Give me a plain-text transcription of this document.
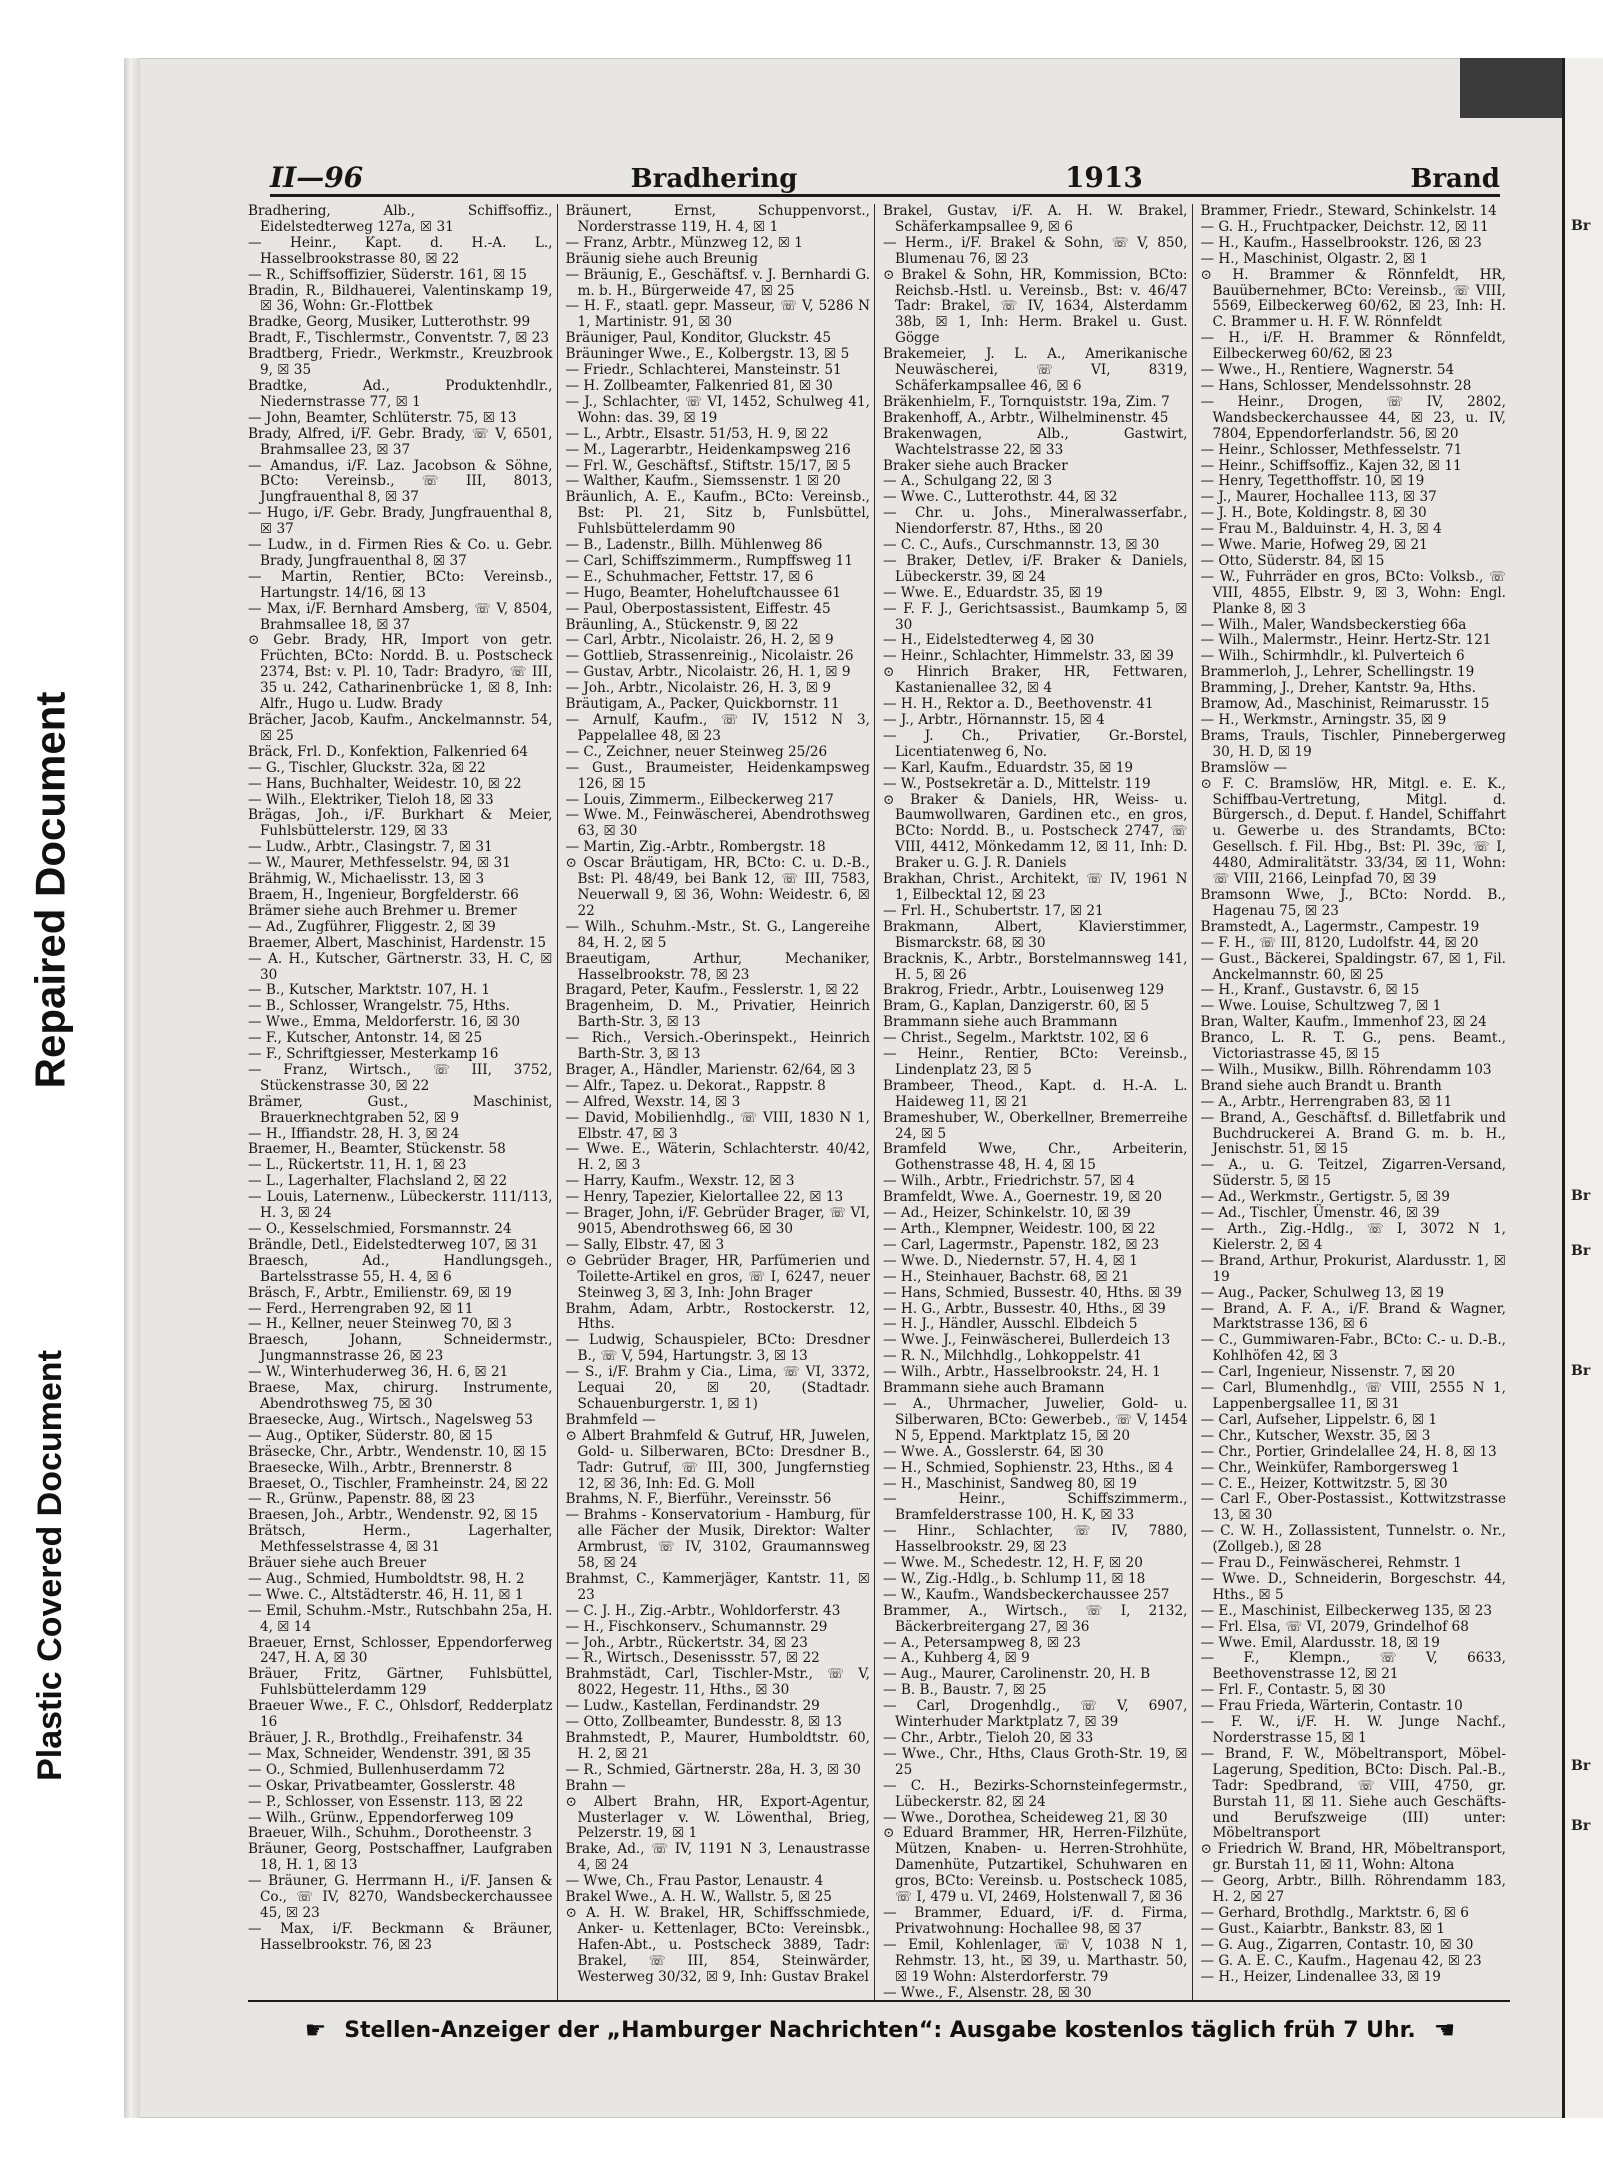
Repaired Document
Plastic Covered Document
Br
Br
Br
Br
Br
Br
II—96	Bradhering	1913	Brand

Bradhering, Alb., Schiffsoffiz., Eidelstedterweg 127a, ☒ 31

— Heinr., Kapt. d. H.-A. L., Hasselbrookstrasse 80, ☒ 22

— R., Schiffsoffizier, Süderstr. 161, ☒ 15

Bradin, R., Bildhauerei, Valentinskamp 19, ☒ 36, Wohn: Gr.-Flottbek

Bradke, Georg, Musiker, Lutterothstr. 99

Bradt, F., Tischlermstr., Conventstr. 7, ☒ 23

Bradtberg, Friedr., Werkmstr., Kreuzbrook 9, ☒ 35

Bradtke, Ad., Produktenhdlr., Niedernstrasse 77, ☒ 1

— John, Beamter, Schlüterstr. 75, ☒ 13

Brady, Alfred, i/F. Gebr. Brady, ☏ V, 6501, Brahmsallee 23, ☒ 37

— Amandus, i/F. Laz. Jacobson & Söhne, BCto: Vereinsb., ☏ III, 8013, Jungfrauenthal 8, ☒ 37

— Hugo, i/F. Gebr. Brady, Jungfrauenthal 8, ☒ 37

— Ludw., in d. Firmen Ries & Co. u. Gebr. Brady, Jungfrauenthal 8, ☒ 37

— Martin, Rentier, BCto: Vereinsb., Hartungstr. 14/16, ☒ 13

— Max, i/F. Bernhard Amsberg, ☏ V, 8504, Brahmsallee 18, ☒ 37

⊙ Gebr. Brady, HR, Import von getr. Früchten, BCto: Nordd. B. u. Postscheck 2374, Bst: v. Pl. 10, Tadr: Bradyro, ☏ III, 35 u. 242, Catharinenbrücke 1, ☒ 8, Inh: Alfr., Hugo u. Ludw. Brady

Brächer, Jacob, Kaufm., Anckelmannstr. 54, ☒ 25

Bräck, Frl. D., Konfektion, Falkenried 64

— G., Tischler, Gluckstr. 32a, ☒ 22

— Hans, Buchhalter, Weidestr. 10, ☒ 22

— Wilh., Elektriker, Tieloh 18, ☒ 33

Brägas, Joh., i/F. Burkhart & Meier, Fuhlsbüttelerstr. 129, ☒ 33

— Ludw., Arbtr., Clasingstr. 7, ☒ 31

— W., Maurer, Methfesselstr. 94, ☒ 31

Brähmig, W., Michaelisstr. 13, ☒ 3

Braem, H., Ingenieur, Borgfelderstr. 66

Brämer siehe auch Brehmer u. Bremer

— Ad., Zugführer, Fliggestr. 2, ☒ 39

Braemer, Albert, Maschinist, Hardenstr. 15

— A. H., Kutscher, Gärtnerstr. 33, H. C, ☒ 30

— B., Kutscher, Marktstr. 107, H. 1

— B., Schlosser, Wrangelstr. 75, Hths.

— Wwe., Emma, Meldorferstr. 16, ☒ 30

— F., Kutscher, Antonstr. 14, ☒ 25

— F., Schriftgiesser, Mesterkamp 16

— Franz, Wirtsch., ☏ III, 3752, Stückenstrasse 30, ☒ 22

Brämer, Gust., Maschinist, Brauerknechtgraben 52, ☒ 9

— H., Iffiandstr. 28, H. 3, ☒ 24

Braemer, H., Beamter, Stückenstr. 58

— L., Rückertstr. 11, H. 1, ☒ 23

— L., Lagerhalter, Flachsland 2, ☒ 22

— Louis, Laternenw., Lübeckerstr. 111/113, H. 3, ☒ 24

— O., Kesselschmied, Forsmannstr. 24

Brändle, Detl., Eidelstedterweg 107, ☒ 31

Braesch, Ad., Handlungsgeh., Bartelsstrasse 55, H. 4, ☒ 6

Bräsch, F., Arbtr., Emilienstr. 69, ☒ 19

— Ferd., Herrengraben 92, ☒ 11

— H., Kellner, neuer Steinweg 70, ☒ 3

Braesch, Johann, Schneidermstr., Jungmannstrasse 26, ☒ 23

— W., Winterhuderweg 36, H. 6, ☒ 21

Braese, Max, chirurg. Instrumente, Abendrothsweg 75, ☒ 30

Braesecke, Aug., Wirtsch., Nagelsweg 53

— Aug., Optiker, Süderstr. 80, ☒ 15

Bräsecke, Chr., Arbtr., Wendenstr. 10, ☒ 15

Braesecke, Wilh., Arbtr., Brennerstr. 8

Braeset, O., Tischler, Framheinstr. 24, ☒ 22

— R., Grünw., Papenstr. 88, ☒ 23

Braesen, Joh., Arbtr., Wendenstr. 92, ☒ 15

Brätsch, Herm., Lagerhalter, Methfesselstrasse 4, ☒ 31

Bräuer siehe auch Breuer

— Aug., Schmied, Humboldtstr. 98, H. 2

— Wwe. C., Altstädterstr. 46, H. 11, ☒ 1

— Emil, Schuhm.-Mstr., Rutschbahn 25a, H. 4, ☒ 14

Braeuer, Ernst, Schlosser, Eppendorferweg 247, H. A, ☒ 30

Bräuer, Fritz, Gärtner, Fuhlsbüttel, Fuhlsbüttelerdamm 129

Braeuer Wwe., F. C., Ohlsdorf, Redderplatz 16

Bräuer, J. R., Brothdlg., Freihafenstr. 34

— Max, Schneider, Wendenstr. 391, ☒ 35

— O., Schmied, Bullenhuserdamm 72

— Oskar, Privatbeamter, Gosslerstr. 48

— P., Schlosser, von Essenstr. 113, ☒ 22

— Wilh., Grünw., Eppendorferweg 109

Braeuer, Wilh., Schuhm., Dorotheenstr. 3

Bräuner, Georg, Postschaffner, Laufgraben 18, H. 1, ☒ 13

— Bräuner, G. Herrmann H., i/F. Jansen & Co., ☏ IV, 8270, Wandsbeckerchaussee 45, ☒ 23

— Max, i/F. Beckmann & Bräuner, Hasselbrookstr. 76, ☒ 23

Bräunert, Ernst, Schuppenvorst., Norderstrasse 119, H. 4, ☒ 1

— Franz, Arbtr., Münzweg 12, ☒ 1

Bräunig siehe auch Breunig

— Bräunig, E., Geschäftsf. v. J. Bernhardi G. m. b. H., Bürgerweide 47, ☒ 25

— H. F., staatl. gepr. Masseur, ☏ V, 5286 N 1, Martinistr. 91, ☒ 30

Bräuniger, Paul, Konditor, Gluckstr. 45

Bräuninger Wwe., E., Kolbergstr. 13, ☒ 5

— Friedr., Schlachterei, Mansteinstr. 51

— H. Zollbeamter, Falkenried 81, ☒ 30

— J., Schlachter, ☏ VI, 1452, Schulweg 41, Wohn: das. 39, ☒ 19

— L., Arbtr., Elsastr. 51/53, H. 9, ☒ 22

— M., Lagerarbtr., Heidenkampsweg 216

— Frl. W., Geschäftsf., Stiftstr. 15/17, ☒ 5

— Walther, Kaufm., Siemssenstr. 1 ☒ 20

Bräunlich, A. E., Kaufm., BCto: Vereinsb., Bst: Pl. 21, Sitz b, Funlsbüttel, Fuhlsbüttelerdamm 90

— B., Ladenstr., Billh. Mühlenweg 86

— Carl, Schiffszimmerm., Rumpffsweg 11

— E., Schuhmacher, Fettstr. 17, ☒ 6

— Hugo, Beamter, Hoheluftchaussee 61

— Paul, Oberpostassistent, Eiffestr. 45

Bräunling, A., Stückenstr. 9, ☒ 22

— Carl, Arbtr., Nicolaistr. 26, H. 2, ☒ 9

— Gottlieb, Strassenreinig., Nicolaistr. 26

— Gustav, Arbtr., Nicolaistr. 26, H. 1, ☒ 9

— Joh., Arbtr., Nicolaistr. 26, H. 3, ☒ 9

Bräutigam, A., Packer, Quickbornstr. 11

— Arnulf, Kaufm., ☏ IV, 1512 N 3, Pappelallee 48, ☒ 23

— C., Zeichner, neuer Steinweg 25/26

— Gust., Braumeister, Heidenkampsweg 126, ☒ 15

— Louis, Zimmerm., Eilbeckerweg 217

— Wwe. M., Feinwäscherei, Abendrothsweg 63, ☒ 30

— Martin, Zig.-Arbtr., Rombergstr. 18

⊙ Oscar Bräutigam, HR, BCto: C. u. D.-B., Bst: Pl. 48/49, bei Bank 12, ☏ III, 7583, Neuerwall 9, ☒ 36, Wohn: Weidestr. 6, ☒ 22

— Wilh., Schuhm.-Mstr., St. G., Langereihe 84, H. 2, ☒ 5

Braeutigam, Arthur, Mechaniker, Hasselbrookstr. 78, ☒ 23

Bragard, Peter, Kaufm., Fesslerstr. 1, ☒ 22

Bragenheim, D. M., Privatier, Heinrich Barth-Str. 3, ☒ 13

— Rich., Versich.-Oberinspekt., Heinrich Barth-Str. 3, ☒ 13

Brager, A., Händler, Marienstr. 62/64, ☒ 3

— Alfr., Tapez. u. Dekorat., Rappstr. 8

— Alfred, Wexstr. 14, ☒ 3

— David, Mobilienhdlg., ☏ VIII, 1830 N 1, Elbstr. 47, ☒ 3

— Wwe. E., Wäterin, Schlachterstr. 40/42, H. 2, ☒ 3

— Harry, Kaufm., Wexstr. 12, ☒ 3

— Henry, Tapezier, Kielortallee 22, ☒ 13

— Brager, John, i/F. Gebrüder Brager, ☏ VI, 9015, Abendrothsweg 66, ☒ 30

— Sally, Elbstr. 47, ☒ 3

⊙ Gebrüder Brager, HR, Parfümerien und Toilette-Artikel en gros, ☏ I, 6247, neuer Steinweg 3, ☒ 3, Inh: John Brager

Brahm, Adam, Arbtr., Rostockerstr. 12, Hths.

— Ludwig, Schauspieler, BCto: Dresdner B., ☏ V, 594, Hartungstr. 3, ☒ 13

— S., i/F. Brahm y Cia., Lima, ☏ VI, 3372, Lequai 20, ☒ 20, (Stadtadr. Schauenburgerstr. 1, ☒ 1)

Brahmfeld —

⊙ Albert Brahmfeld & Gutruf, HR, Juwelen, Gold- u. Silberwaren, BCto: Dresdner B., Tadr: Gutruf, ☏ III, 300, Jungfernstieg 12, ☒ 36, Inh: Ed. G. Moll

Brahms, N. F., Bierführ., Vereinsstr. 56

— Brahms - Konservatorium - Hamburg, für alle Fächer der Musik, Direktor: Walter Armbrust, ☏ IV, 3102, Graumannsweg 58, ☒ 24

Brahmst, C., Kammerjäger, Kantstr. 11, ☒ 23

— C. J. H., Zig.-Arbtr., Wohldorferstr. 43

— H., Fischkonserv., Schumannstr. 29

— Joh., Arbtr., Rückertstr. 34, ☒ 23

— R., Wirtsch., Desenissstr. 57, ☒ 22

Brahmstädt, Carl, Tischler-Mstr., ☏ V, 8022, Hegestr. 11, Hths., ☒ 30

— Ludw., Kastellan, Ferdinandstr. 29

— Otto, Zollbeamter, Bundesstr. 8, ☒ 13

Brahmstedt, P., Maurer, Humboldtstr. 60, H. 2, ☒ 21

— R., Schmied, Gärtnerstr. 28a, H. 3, ☒ 30

Brahn —

⊙ Albert Brahn, HR, Export-Agentur, Musterlager v. W. Löwenthal, Brieg, Pelzerstr. 19, ☒ 1

Brake, Ad., ☏ IV, 1191 N 3, Lenaustrasse 4, ☒ 24

— Wwe, Ch., Frau Pastor, Lenaustr. 4

Brakel Wwe., A. H. W., Wallstr. 5, ☒ 25

⊙ A. H. W. Brakel, HR, Schiffsschmiede, Anker- u. Kettenlager, BCto: Vereinsbk., Hafen-Abt., u. Postscheck 3889, Tadr: Brakel, ☏ III, 854, Steinwärder, Westerweg 30/32, ☒ 9, Inh: Gustav Brakel

Brakel, Gustav, i/F. A. H. W. Brakel, Schäferkampsallee 9, ☒ 6

— Herm., i/F. Brakel & Sohn, ☏ V, 850, Blumenau 76, ☒ 23

⊙ Brakel & Sohn, HR, Kommission, BCto: Reichsb.-Hstl. u. Vereinsb., Bst: v. 46/47 Tadr: Brakel, ☏ IV, 1634, Alsterdamm 38b, ☒ 1, Inh: Herm. Brakel u. Gust. Gögge

Brakemeier, J. L. A., Amerikanische Neuwäscherei, ☏ VI, 8319, Schäferkampsallee 46, ☒ 6

Bräkenhielm, F., Tornquiststr. 19a, Zim. 7

Brakenhoff, A., Arbtr., Wilhelminenstr. 45

Brakenwagen, Alb., Gastwirt, Wachtelstrasse 22, ☒ 33

Braker siehe auch Bracker

— A., Schulgang 22, ☒ 3

— Wwe. C., Lutterothstr. 44, ☒ 32

— Chr. u. Johs., Mineralwasserfabr., Niendorferstr. 87, Hths., ☒ 20

— C. C., Aufs., Curschmannstr. 13, ☒ 30

— Braker, Detlev, i/F. Braker & Daniels, Lübeckerstr. 39, ☒ 24

— Wwe. E., Eduardstr. 35, ☒ 19

— F. F. J., Gerichtsassist., Baumkamp 5, ☒ 30

— H., Eidelstedterweg 4, ☒ 30

— Heinr., Schlachter, Himmelstr. 33, ☒ 39

⊙ Hinrich Braker, HR, Fettwaren, Kastanienallee 32, ☒ 4

— H. H., Rektor a. D., Beethovenstr. 41

— J., Arbtr., Hörnannstr. 15, ☒ 4

— J. Ch., Privatier, Gr.-Borstel, Licentiatenweg 6, No.

— Karl, Kaufm., Eduardstr. 35, ☒ 19

— W., Postsekretär a. D., Mittelstr. 119

⊙ Braker & Daniels, HR, Weiss- u. Baumwollwaren, Gardinen etc., en gros, BCto: Nordd. B., u. Postscheck 2747, ☏ VIII, 4412, Mönkedamm 12, ☒ 11, Inh: D. Braker u. G. J. R. Daniels

Brakhan, Christ., Architekt, ☏ IV, 1961 N 1, Eilbecktal 12, ☒ 23

— Frl. H., Schubertstr. 17, ☒ 21

Brakmann, Albert, Klavierstimmer, Bismarckstr. 68, ☒ 30

Bracknis, K., Arbtr., Borstelmannsweg 141, H. 5, ☒ 26

Brakrog, Friedr., Arbtr., Louisenweg 129

Bram, G., Kaplan, Danzigerstr. 60, ☒ 5

Brammann siehe auch Brammann

— Christ., Segelm., Marktstr. 102, ☒ 6

— Heinr., Rentier, BCto: Vereinsb., Lindenplatz 23, ☒ 5

Brambeer, Theod., Kapt. d. H.-A. L. Haideweg 11, ☒ 21

Brameshuber, W., Oberkellner, Bremerreihe 24, ☒ 5

Bramfeld Wwe, Chr., Arbeiterin, Gothenstrasse 48, H. 4, ☒ 15

— Wilh., Arbtr., Friedrichstr. 57, ☒ 4

Bramfeldt, Wwe. A., Goernestr. 19, ☒ 20

— Ad., Heizer, Schinkelstr. 10, ☒ 39

— Arth., Klempner, Weidestr. 100, ☒ 22

— Carl, Lagermstr., Papenstr. 182, ☒ 23

— Wwe. D., Niedernstr. 57, H. 4, ☒ 1

— H., Steinhauer, Bachstr. 68, ☒ 21

— Hans, Schmied, Bussestr. 40, Hths. ☒ 39

— H. G., Arbtr., Bussestr. 40, Hths., ☒ 39

— H. J., Händler, Ausschl. Elbdeich 5

— Wwe. J., Feinwäscherei, Bullerdeich 13

— R. N., Milchhdlg., Lohkoppelstr. 41

— Wilh., Arbtr., Hasselbrookstr. 24, H. 1

Brammann siehe auch Bramann

— A., Uhrmacher, Juwelier, Gold- u. Silberwaren, BCto: Gewerbeb., ☏ V, 1454 N 5, Eppend. Marktplatz 15, ☒ 20

— Wwe. A., Gosslerstr. 64, ☒ 30

— H., Schmied, Sophienstr. 23, Hths., ☒ 4

— H., Maschinist, Sandweg 80, ☒ 19

— Heinr., Schiffszimmerm., Bramfelderstrasse 100, H. K, ☒ 33

— Hinr., Schlachter, ☏ IV, 7880, Hasselbrookstr. 29, ☒ 23

— Wwe. M., Schedestr. 12, H. F, ☒ 20

— W., Zig.-Hdlg., b. Schlump 11, ☒ 18

— W., Kaufm., Wandsbeckerchaussee 257

Brammer, A., Wirtsch., ☏ I, 2132, Bäckerbreitergang 27, ☒ 36

— A., Petersampweg 8, ☒ 23

— A., Kuhberg 4, ☒ 9

— Aug., Maurer, Carolinenstr. 20, H. B

— B. B., Baustr. 7, ☒ 25

— Carl, Drogenhdlg., ☏ V, 6907, Winterhuder Marktplatz 7, ☒ 39

— Chr., Arbtr., Tieloh 20, ☒ 33

— Wwe., Chr., Hths, Claus Groth-Str. 19, ☒ 25

— C. H., Bezirks-Schornsteinfegermstr., Lübeckerstr. 82, ☒ 24

— Wwe., Dorothea, Scheideweg 21, ☒ 30

⊙ Eduard Brammer, HR, Herren-Filzhüte, Mützen, Knaben- u. Herren-Strohhüte, Damenhüte, Putzartikel, Schuhwaren en gros, BCto: Vereinsb. u. Postscheck 1085, ☏ I, 479 u. VI, 2469, Holstenwall 7, ☒ 36

— Brammer, Eduard, i/F. d. Firma, Privatwohnung: Hochallee 98, ☒ 37

— Emil, Kohlenlager, ☏ V, 1038 N 1, Rehmstr. 13, ht., ☒ 39, u. Marthastr. 50, ☒ 19 Wohn: Alsterdorferstr. 79

— Wwe., F., Alsenstr. 28, ☒ 30

Brammer, Friedr., Steward, Schinkelstr. 14

— G. H., Fruchtpacker, Deichstr. 12, ☒ 11

— H., Kaufm., Hasselbrookstr. 126, ☒ 23

— H., Maschinist, Olgastr. 2, ☒ 1

⊙ H. Brammer & Rönnfeldt, HR, Bauübernehmer, BCto: Vereinsb., ☏ VIII, 5569, Eilbeckerweg 60/62, ☒ 23, Inh: H. C. Brammer u. H. F. W. Rönnfeldt

— H., i/F. H. Brammer & Rönnfeldt, Eilbeckerweg 60/62, ☒ 23

— Wwe., H., Rentiere, Wagnerstr. 54

— Hans, Schlosser, Mendelssohnstr. 28

— Heinr., Drogen, ☏ IV, 2802, Wandsbeckerchaussee 44, ☒ 23, u. IV, 7804, Eppendorferlandstr. 56, ☒ 20

— Heinr., Schlosser, Methfesselstr. 71

— Heinr., Schiffsoffiz., Kajen 32, ☒ 11

— Henry, Tegetthoffstr. 10, ☒ 19

— J., Maurer, Hochallee 113, ☒ 37

— J. H., Bote, Koldingstr. 8, ☒ 30

— Frau M., Balduinstr. 4, H. 3, ☒ 4

— Wwe. Marie, Hofweg 29, ☒ 21

— Otto, Süderstr. 84, ☒ 15

— W., Fuhrräder en gros, BCto: Volksb., ☏ VIII, 4855, Elbstr. 9, ☒ 3, Wohn: Engl. Planke 8, ☒ 3

— Wilh., Maler, Wandsbeckerstieg 66a

— Wilh., Malermstr., Heinr. Hertz-Str. 121

— Wilh., Schirmhdlr., kl. Pulverteich 6

Brammerloh, J., Lehrer, Schellingstr. 19

Bramming, J., Dreher, Kantstr. 9a, Hths.

Bramow, Ad., Maschinist, Reimarusstr. 15

— H., Werkmstr., Arningstr. 35, ☒ 9

Brams, Trauls, Tischler, Pinnebergerweg 30, H. D, ☒ 19

Bramslöw —

⊙ F. C. Bramslöw, HR, Mitgl. e. E. K., Schiffbau-Vertretung, Mitgl. d. Bürgersch., d. Deput. f. Handel, Schiffahrt u. Gewerbe u. des Strandamts, BCto: Gesellsch. f. Fil. Hbg., Bst: Pl. 39c, ☏ I, 4480, Admiralitätstr. 33/34, ☒ 11, Wohn: ☏ VIII, 2166, Leinpfad 70, ☒ 39

Bramsonn Wwe, J., BCto: Nordd. B., Hagenau 75, ☒ 23

Bramstedt, A., Lagermstr., Campestr. 19

— F. H., ☏ III, 8120, Ludolfstr. 44, ☒ 20

— Gust., Bäckerei, Spaldingstr. 67, ☒ 1, Fil. Anckelmannstr. 60, ☒ 25

— H., Kranf., Gustavstr. 6, ☒ 15

— Wwe. Louise, Schultzweg 7, ☒ 1

Bran, Walter, Kaufm., Immenhof 23, ☒ 24

Branco, L. R. T. G., pens. Beamt., Victoriastrasse 45, ☒ 15

— Wilh., Musikw., Billh. Röhrendamm 103

Brand siehe auch Brandt u. Branth

— A., Arbtr., Herrengraben 83, ☒ 11

— Brand, A., Geschäftsf. d. Billetfabrik und Buchdruckerei A. Brand G. m. b. H., Jenischstr. 51, ☒ 15

— A., u. G. Teitzel, Zigarren-Versand, Süderstr. 5, ☒ 15

— Ad., Werkmstr., Gertigstr. 5, ☒ 39

— Ad., Tischler, Ümenstr. 46, ☒ 39

— Arth., Zig.-Hdlg., ☏ I, 3072 N 1, Kielerstr. 2, ☒ 4

— Brand, Arthur, Prokurist, Alardusstr. 1, ☒ 19

— Aug., Packer, Schulweg 13, ☒ 19

— Brand, A. F. A., i/F. Brand & Wagner, Marktstrasse 136, ☒ 6

— C., Gummiwaren-Fabr., BCto: C.- u. D.-B., Kohlhöfen 42, ☒ 3

— Carl, Ingenieur, Nissenstr. 7, ☒ 20

— Carl, Blumenhdlg., ☏ VIII, 2555 N 1, Lappenbergsallee 11, ☒ 31

— Carl, Aufseher, Lippelstr. 6, ☒ 1

— Chr., Kutscher, Wexstr. 35, ☒ 3

— Chr., Portier, Grindelallee 24, H. 8, ☒ 13

— Chr., Weinküfer, Ramborgersweg 1

— C. E., Heizer, Kottwitzstr. 5, ☒ 30

— Carl F., Ober-Postassist., Kottwitzstrasse 13, ☒ 30

— C. W. H., Zollassistent, Tunnelstr. o. Nr., (Zollgeb.), ☒ 28

— Frau D., Feinwäscherei, Rehmstr. 1

— Wwe. D., Schneiderin, Borgeschstr. 44, Hths., ☒ 5

— E., Maschinist, Eilbeckerweg 135, ☒ 23

— Frl. Elsa, ☏ VI, 2079, Grindelhof 68

— Wwe. Emil, Alardusstr. 18, ☒ 19

— F., Klempn., ☏ V, 6633, Beethovenstrasse 12, ☒ 21

— Frl. F., Contastr. 5, ☒ 30

— Frau Frieda, Wärterin, Contastr. 10

— F. W., i/F. H. W. Junge Nachf., Norderstrasse 15, ☒ 1

— Brand, F. W., Möbeltransport, Möbel-Lagerung, Spedition, BCto: Disch. Pal.-B., Tadr: Spedbrand, ☏ VIII, 4750, gr. Burstah 11, ☒ 11. Siehe auch Geschäfts- und Berufszweige (III) unter: Möbeltransport

⊙ Friedrich W. Brand, HR, Möbeltransport, gr. Burstah 11, ☒ 11, Wohn: Altona

— Georg, Arbtr., Billh. Röhrendamm 183, H. 2, ☒ 27

— Gerhard, Brothdlg., Marktstr. 6, ☒ 6

— Gust., Kaiarbtr., Bankstr. 83, ☒ 1

— G. Aug., Zigarren, Contastr. 10, ☒ 30

— G. A. E. C., Kaufm., Hagenau 42, ☒ 23

— H., Heizer, Lindenallee 33, ☒ 19

☛ Stellen-Anzeiger der „Hamburger Nachrichten“: Ausgabe kostenlos täglich früh 7 Uhr. ☚
